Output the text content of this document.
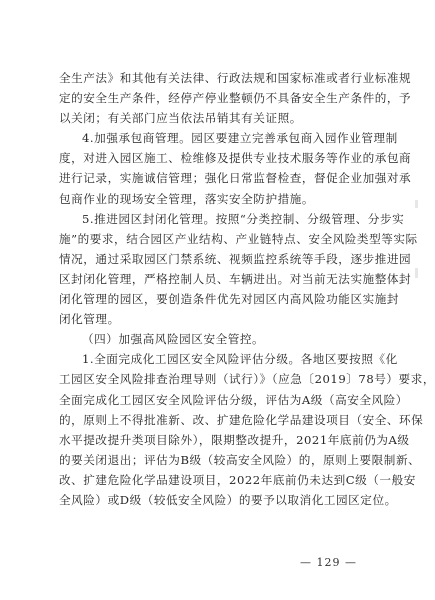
全生产法》和其他有关法律、行政法规和国家标准或者行业标准规
定的安全生产条件，经停产停业整顿仍不具备安全生产条件的，予
以关闭；有关部门应当依法吊销其有关证照。
4.加强承包商管理。园区要建立完善承包商入园作业管理制
度，对进入园区施工、检维修及提供专业技术服务等作业的承包商
进行记录，实施诚信管理；强化日常监督检查，督促企业加强对承
包商作业的现场安全管理，落实安全防护措施。
5.推进园区封闭化管理。按照“分类控制、分级管理、分步实
施”的要求，结合园区产业结构、产业链特点、安全风险类型等实际
情况，通过采取园区门禁系统、视频监控系统等手段，逐步推进园
区封闭化管理，严格控制人员、车辆进出。对当前无法实施整体封
闭化管理的园区，要创造条件优先对园区内高风险功能区实施封
闭化管理。
（四）加强高风险园区安全管控。
1.全面完成化工园区安全风险评估分级。各地区要按照《化
工园区安全风险排查治理导则（试行）》（应急〔2019〕78号）要求，
全面完成化工园区安全风险评估分级，评估为A级（高安全风险）
的，原则上不得批准新、改、扩建危险化学品建设项目（安全、环保
水平提改提升类项目除外），限期整改提升，2021年底前仍为A级
的要关闭退出；评估为B级（较高安全风险）的，原则上要限制新、
改、扩建危险化学品建设项目，2022年底前仍未达到C级（一般安
全风险）或D级（较低安全风险）的要予以取消化工园区定位。
— 129 —
